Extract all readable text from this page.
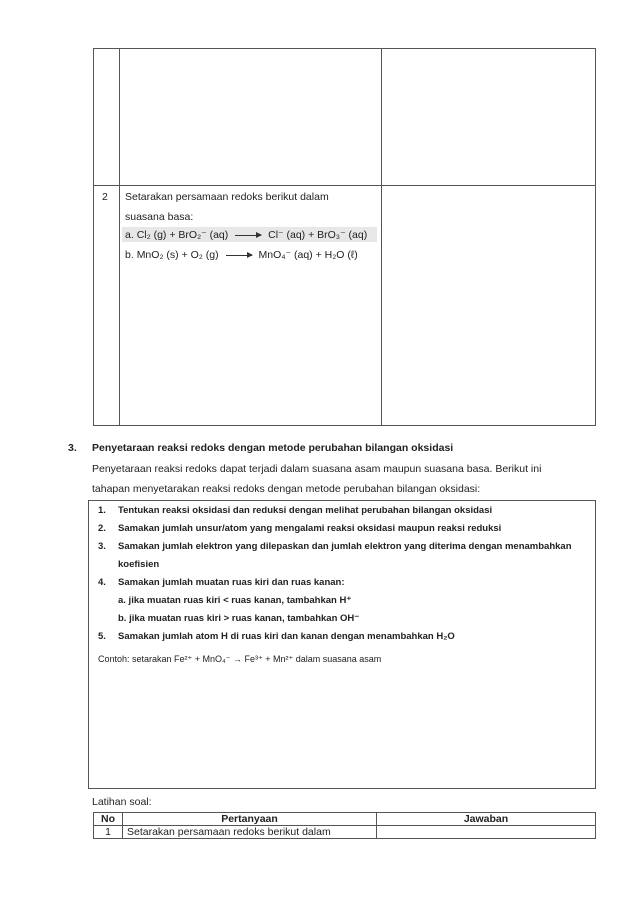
2 Setarakan persamaan redoks berikut dalam
suasana basa:
a. Cl₂ (g) + BrO₂⁻ (aq)	Cl⁻ (aq) + BrO₃⁻ (aq)
b. MnO₂ (s) + O₂ (g)	MnO₄⁻ (aq) + H₂O (ℓ)
3. Penyetaraan reaksi redoks dengan metode perubahan bilangan oksidasi
Penyetaraan reaksi redoks dapat terjadi dalam suasana asam maupun suasana basa. Berikut ini
tahapan menyetarakan reaksi redoks dengan metode perubahan bilangan oksidasi:
1. Tentukan reaksi oksidasi dan reduksi dengan melihat perubahan bilangan oksidasi
2. Samakan jumlah unsur/atom yang mengalami reaksi oksidasi maupun reaksi reduksi
3. Samakan jumlah elektron yang dilepaskan dan jumlah elektron yang diterima dengan menambahkan
koefisien
4. Samakan jumlah muatan ruas kiri dan ruas kanan:
a. jika muatan ruas kiri < ruas kanan, tambahkan H⁺
b. jika muatan ruas kiri > ruas kanan, tambahkan OH⁻
5. Samakan jumlah atom H di ruas kiri dan kanan dengan menambahkan H₂O
Contoh: setarakan Fe²⁺ + MnO₄⁻ → Fe³⁺ + Mn²⁺ dalam suasana asam
Latihan soal:
No	Pertanyaan	Jawaban
1	Setarakan persamaan redoks berikut dalam	
